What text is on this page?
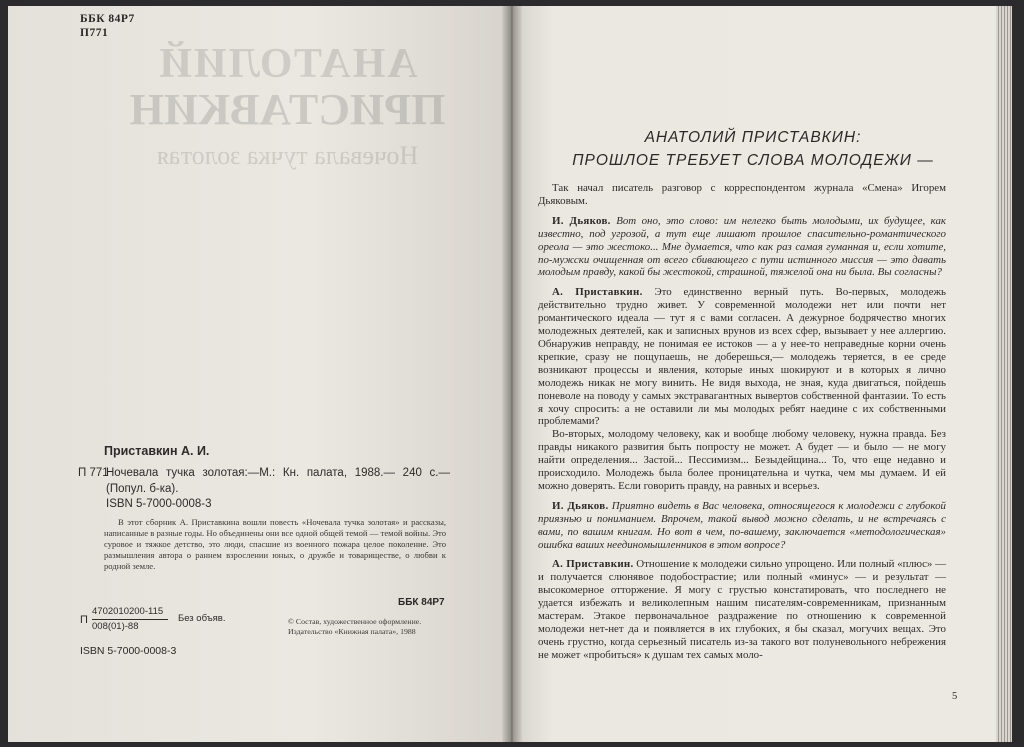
ББК 84Р7
П771
АНАТОЛИЙ
ПРИСТАВКИН
Ночевала тучка золотая
Приставкин А. И.
П 771
Ночевала тучка золотая:—М.: Кн. палата, 1988.— 240 с.— (Попул. б-ка).
ISBN 5-7000-0008-3
В этот сборник А. Приставкина вошли повесть «Ночевала тучка золотая» и рассказы, написанные в разные годы. Но объединены они все одной общей темой — темой войны. Это суровое и тяжкое детство, это люди, спасшие из военного пожара целое поколение. Это размышления автора о раннем взрослении юных, о дружбе и товариществе, о любви к родной земле.
ББК 84Р7
П
4702010200-115
008(01)-88
Без объяв.	© Состав, художественное оформление. Издательство «Книжная палата», 1988
ISBN 5-7000-0008-3
АНАТОЛИЙ ПРИСТАВКИН:
ПРОШЛОЕ ТРЕБУЕТ СЛОВА МОЛОДЕЖИ —

Так начал писатель разговор с корреспондентом журнала «Смена» Игорем Дьяковым.

И. Дьяков. Вот оно, это слово: им нелегко быть молодыми, их будущее, как известно, под угрозой, а тут еще лишают прошлое спасительно-романтического ореола — это жестоко... Мне думается, что как раз самая гуманная и, если хотите, по-мужски очищенная от всего сбивающего с пути истинного миссия — это давать молодым правду, какой бы жестокой, страшной, тяжелой она ни была. Вы согласны?

А. Приставкин. Это единственно верный путь. Во-первых, молодежь действительно трудно живет. У современной молодежи нет или почти нет романтического идеала — тут я с вами согласен. А дежурное бодрячество многих молодежных деятелей, как и записных врунов из всех сфер, вызывает у нее аллергию. Обнаружив неправду, не понимая ее истоков — а у нее-то неправедные корни очень крепкие, сразу не пощупаешь, не доберешься,— молодежь теряется, в ее среде возникают процессы и явления, которые иных шокируют и в которых я лично молодежь никак не могу винить. Не видя выхода, не зная, куда двигаться, пойдешь поневоле на поводу у самых экстравагантных вывертов собственной фантазии. То есть я хочу спросить: а не оставили ли мы молодых ребят наедине с их собственными проблемами?

Во-вторых, молодому человеку, как и вообще любому человеку, нужна правда. Без правды никакого развития быть попросту не может. А будет — и было — не могу найти определения... Застой... Пессимизм... Безыдейщина... То, что еще недавно и происходило. Молодежь была более проницательна и чутка, чем мы думаем. И ей можно доверять. Если говорить правду, на равных и всерьез.

И. Дьяков. Приятно видеть в Вас человека, относящегося к молодежи с глубокой приязнью и пониманием. Впрочем, такой вывод можно сделать, и не встречаясь с вами, по вашим книгам. Но вот в чем, по-вашему, заключается «методологическая» ошибка ваших неединомышленников в этом вопросе?

А. Приставкин. Отношение к молодежи сильно упрощено. Или полный «плюс» — и получается слюнявое подобострастие; или полный «минус» — и результат — высокомерное отторжение. Я могу с грустью констатировать, что последнего не удается избежать и великолепным нашим писателям-современникам, признанным мастерам. Этакое первоначальное раздражение по отношению к современной молодежи нет-нет да и появляется в их глубоких, я бы сказал, могучих вещах. Это очень грустно, когда серьезный писатель из-за такого вот полуневольного небрежения не может «пробиться» к душам тех самых моло-

5
